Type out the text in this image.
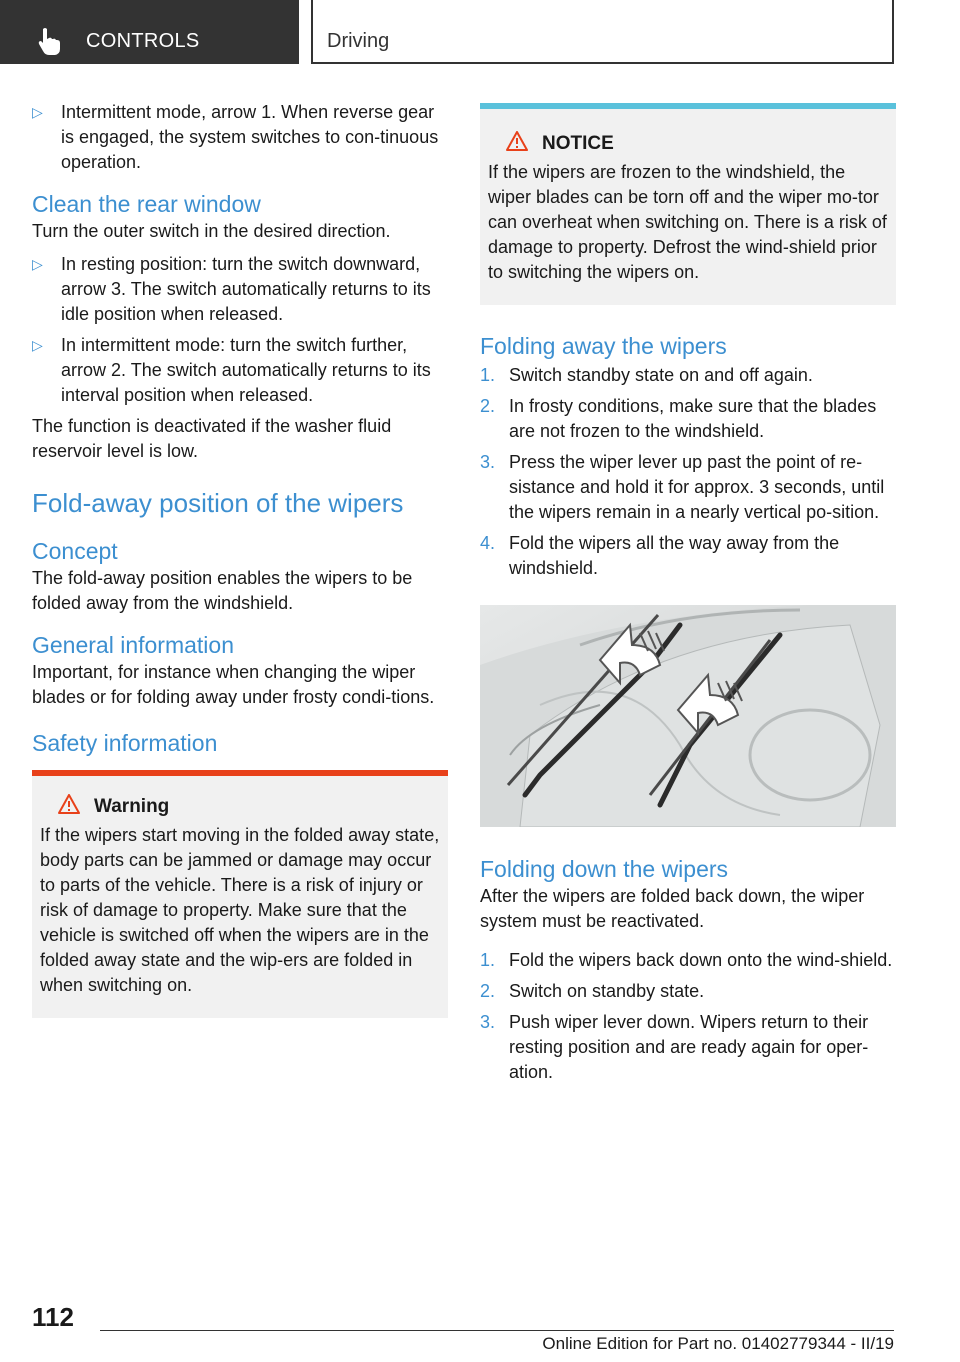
CONTROLS	Driving
▷ Intermittent mode, arrow 1. When reverse gear is engaged, the system switches to con-tinuous operation.
Clean the rear window

Turn the outer switch in the desired direction.

▷ In resting position: turn the switch downward, arrow 3. The switch automatically returns to its idle position when released.
▷ In intermittent mode: turn the switch further, arrow 2. The switch automatically returns to its interval position when released.

The function is deactivated if the washer fluid reservoir level is low.

Fold-away position of the wipers
Concept

The fold-away position enables the wipers to be folded away from the windshield.

General information

Important, for instance when changing the wiper blades or for folding away under frosty condi-tions.

Safety information
Warning

If the wipers start moving in the folded away state, body parts can be jammed or damage may occur to parts of the vehicle. There is a risk of injury or risk of damage to property. Make sure that the vehicle is switched off when the wipers are in the folded away state and the wip-ers are folded in when switching on.

NOTICE

If the wipers are frozen to the windshield, the wiper blades can be torn off and the wiper mo-tor can overheat when switching on. There is a risk of damage to property. Defrost the wind-shield prior to switching the wipers on.

Folding away the wipers
1. Switch standby state on and off again.
2. In frosty conditions, make sure that the blades are not frozen to the windshield.
3. Press the wiper lever up past the point of re-sistance and hold it for approx. 3 seconds, until the wipers remain in a nearly vertical po-sition.
4. Fold the wipers all the way away from the windshield.
Folding down the wipers

After the wipers are folded back down, the wiper system must be reactivated.

1. Fold the wipers back down onto the wind-shield.
2. Switch on standby state.
3. Push wiper lever down. Wipers return to their resting position and are ready again for oper-ation.
112
Online Edition for Part no. 01402779344 - II/19
